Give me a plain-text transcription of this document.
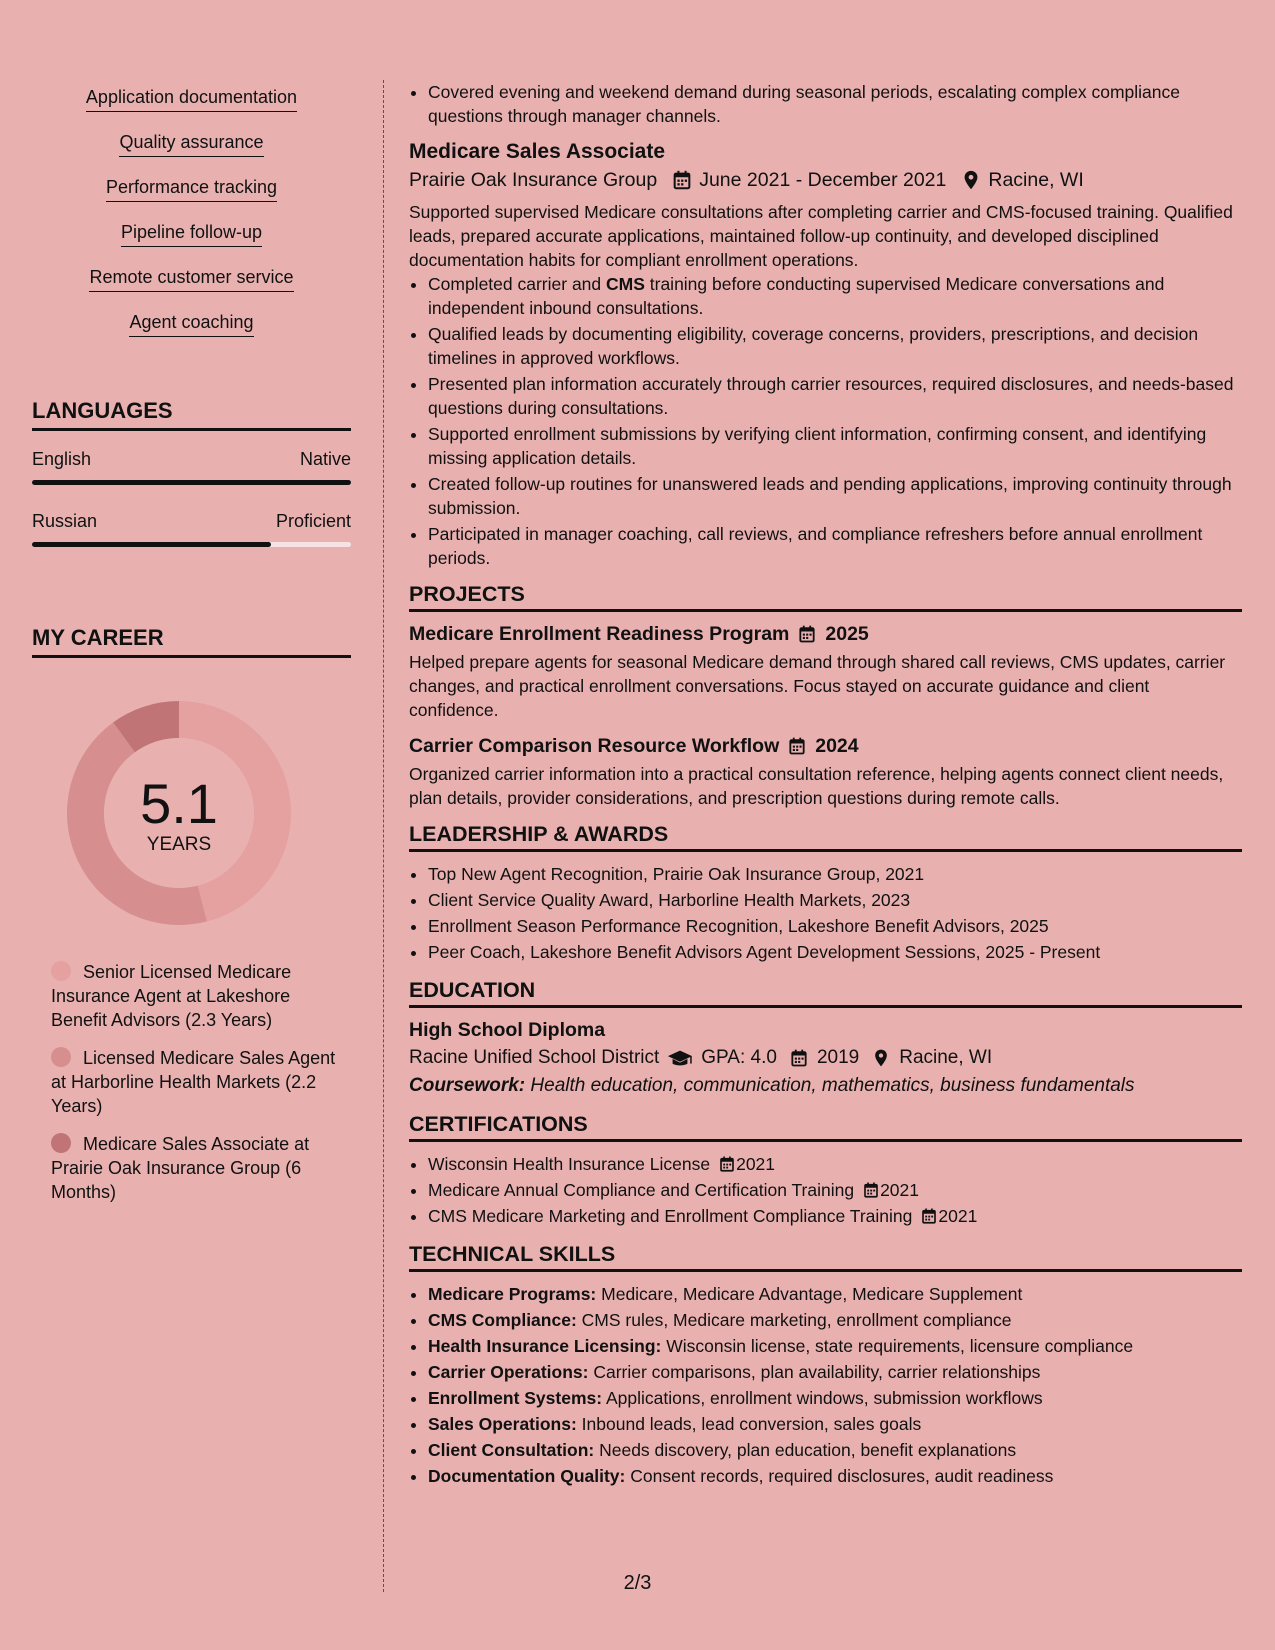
Application documentation
Quality assurance
Performance tracking
Pipeline follow-up
Remote customer service
Agent coaching
LANGUAGES
English	Native
Russian	Proficient
MY CAREER
5.1
YEARS
Senior Licensed Medicare Insurance Agent at Lakeshore Benefit Advisors (2.3 Years)
Licensed Medicare Sales Agent at Harborline Health Markets (2.2 Years)
Medicare Sales Associate at Prairie Oak Insurance Group (6 Months)
• Covered evening and weekend demand during seasonal periods, escalating complex compliance questions through manager channels.
Medicare Sales Associate
Prairie Oak Insurance Group June 2021 - December 2021 Racine, WI
Supported supervised Medicare consultations after completing carrier and CMS-focused training. Qualified leads, prepared accurate applications, maintained follow-up continuity, and developed disciplined documentation habits for compliant enrollment operations.
• Completed carrier and CMS training before conducting supervised Medicare conversations and independent inbound consultations.
• Qualified leads by documenting eligibility, coverage concerns, providers, prescriptions, and decision timelines in approved workflows.
• Presented plan information accurately through carrier resources, required disclosures, and needs-based questions during consultations.
• Supported enrollment submissions by verifying client information, confirming consent, and identifying missing application details.
• Created follow-up routines for unanswered leads and pending applications, improving continuity through submission.
• Participated in manager coaching, call reviews, and compliance refreshers before annual enrollment periods.
PROJECTS
Medicare Enrollment Readiness Program 2025
Helped prepare agents for seasonal Medicare demand through shared call reviews, CMS updates, carrier changes, and practical enrollment conversations. Focus stayed on accurate guidance and client confidence.
Carrier Comparison Resource Workflow 2024
Organized carrier information into a practical consultation reference, helping agents connect client needs, plan details, provider considerations, and prescription questions during remote calls.
LEADERSHIP & AWARDS
• Top New Agent Recognition, Prairie Oak Insurance Group, 2021
• Client Service Quality Award, Harborline Health Markets, 2023
• Enrollment Season Performance Recognition, Lakeshore Benefit Advisors, 2025
• Peer Coach, Lakeshore Benefit Advisors Agent Development Sessions, 2025 - Present
EDUCATION
High School Diploma
Racine Unified School District GPA: 4.0 2019 Racine, WI
Coursework: Health education, communication, mathematics, business fundamentals
CERTIFICATIONS
• Wisconsin Health Insurance License 2021
• Medicare Annual Compliance and Certification Training 2021
• CMS Medicare Marketing and Enrollment Compliance Training 2021
TECHNICAL SKILLS
• Medicare Programs: Medicare, Medicare Advantage, Medicare Supplement
• CMS Compliance: CMS rules, Medicare marketing, enrollment compliance
• Health Insurance Licensing: Wisconsin license, state requirements, licensure compliance
• Carrier Operations: Carrier comparisons, plan availability, carrier relationships
• Enrollment Systems: Applications, enrollment windows, submission workflows
• Sales Operations: Inbound leads, lead conversion, sales goals
• Client Consultation: Needs discovery, plan education, benefit explanations
• Documentation Quality: Consent records, required disclosures, audit readiness
2/3
